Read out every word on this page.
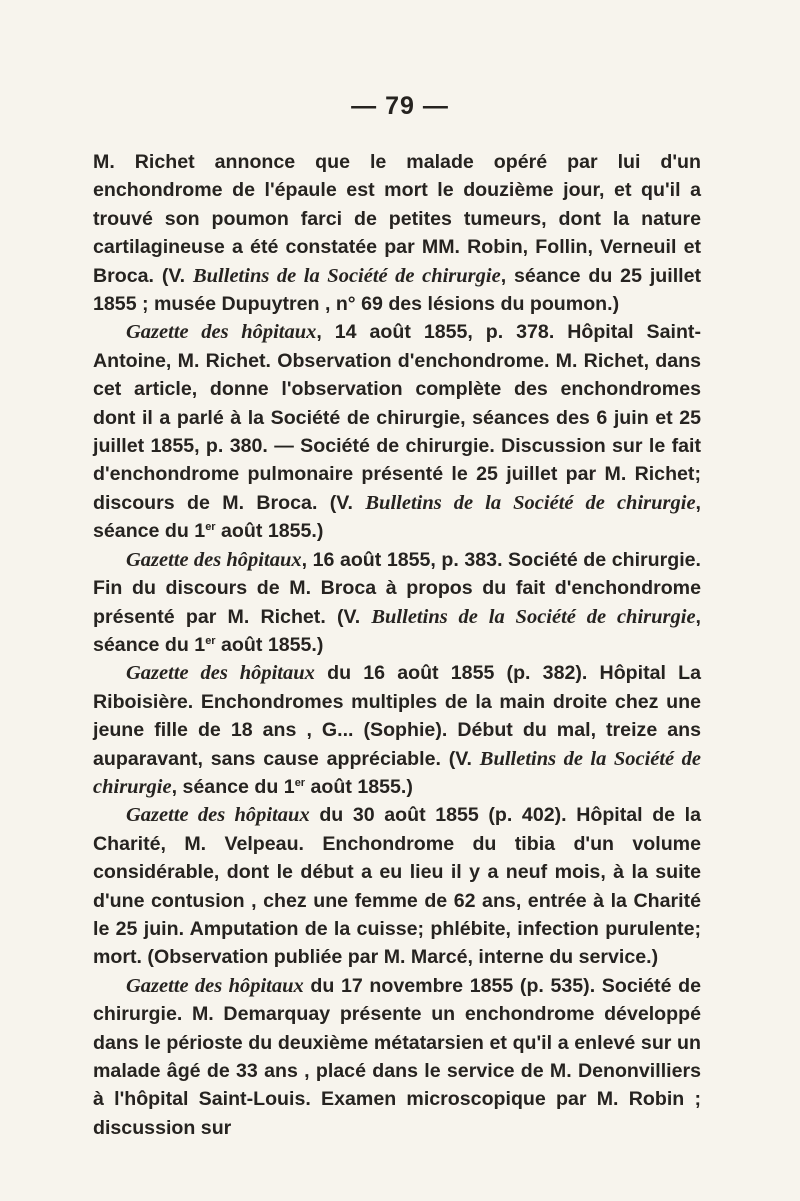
— 79 —

M. Richet annonce que le malade opéré par lui d'un enchondrome de l'épaule est mort le douzième jour, et qu'il a trouvé son poumon farci de petites tumeurs, dont la nature cartilagineuse a été constatée par MM. Robin, Follin, Verneuil et Broca. (V. Bulletins de la Société de chirurgie, séance du 25 juillet 1855 ; musée Dupuytren , n° 69 des lésions du poumon.)

Gazette des hôpitaux, 14 août 1855, p. 378. Hôpital Saint-Antoine, M. Richet. Observation d'enchondrome. M. Richet, dans cet article, donne l'observation complète des enchondromes dont il a parlé à la Société de chirurgie, séances des 6 juin et 25 juillet 1855, p. 380. — Société de chirurgie. Discussion sur le fait d'enchondrome pulmonaire présenté le 25 juillet par M. Richet; discours de M. Broca. (V. Bulletins de la Société de chirurgie, séance du 1er août 1855.)

Gazette des hôpitaux, 16 août 1855, p. 383. Société de chirurgie. Fin du discours de M. Broca à propos du fait d'enchondrome présenté par M. Richet. (V. Bulletins de la Société de chirurgie, séance du 1er août 1855.)

Gazette des hôpitaux du 16 août 1855 (p. 382). Hôpital La Riboisière. Enchondromes multiples de la main droite chez une jeune fille de 18 ans , G... (Sophie). Début du mal, treize ans auparavant, sans cause appréciable. (V. Bulletins de la Société de chirurgie, séance du 1er août 1855.)

Gazette des hôpitaux du 30 août 1855 (p. 402). Hôpital de la Charité, M. Velpeau. Enchondrome du tibia d'un volume considérable, dont le début a eu lieu il y a neuf mois, à la suite d'une contusion , chez une femme de 62 ans, entrée à la Charité le 25 juin. Amputation de la cuisse; phlébite, infection purulente; mort. (Observation publiée par M. Marcé, interne du service.)

Gazette des hôpitaux du 17 novembre 1855 (p. 535). Société de chirurgie. M. Demarquay présente un enchondrome développé dans le périoste du deuxième métatarsien et qu'il a enlevé sur un malade âgé de 33 ans , placé dans le service de M. Denonvilliers à l'hôpital Saint-Louis. Examen microscopique par M. Robin ; discussion sur
